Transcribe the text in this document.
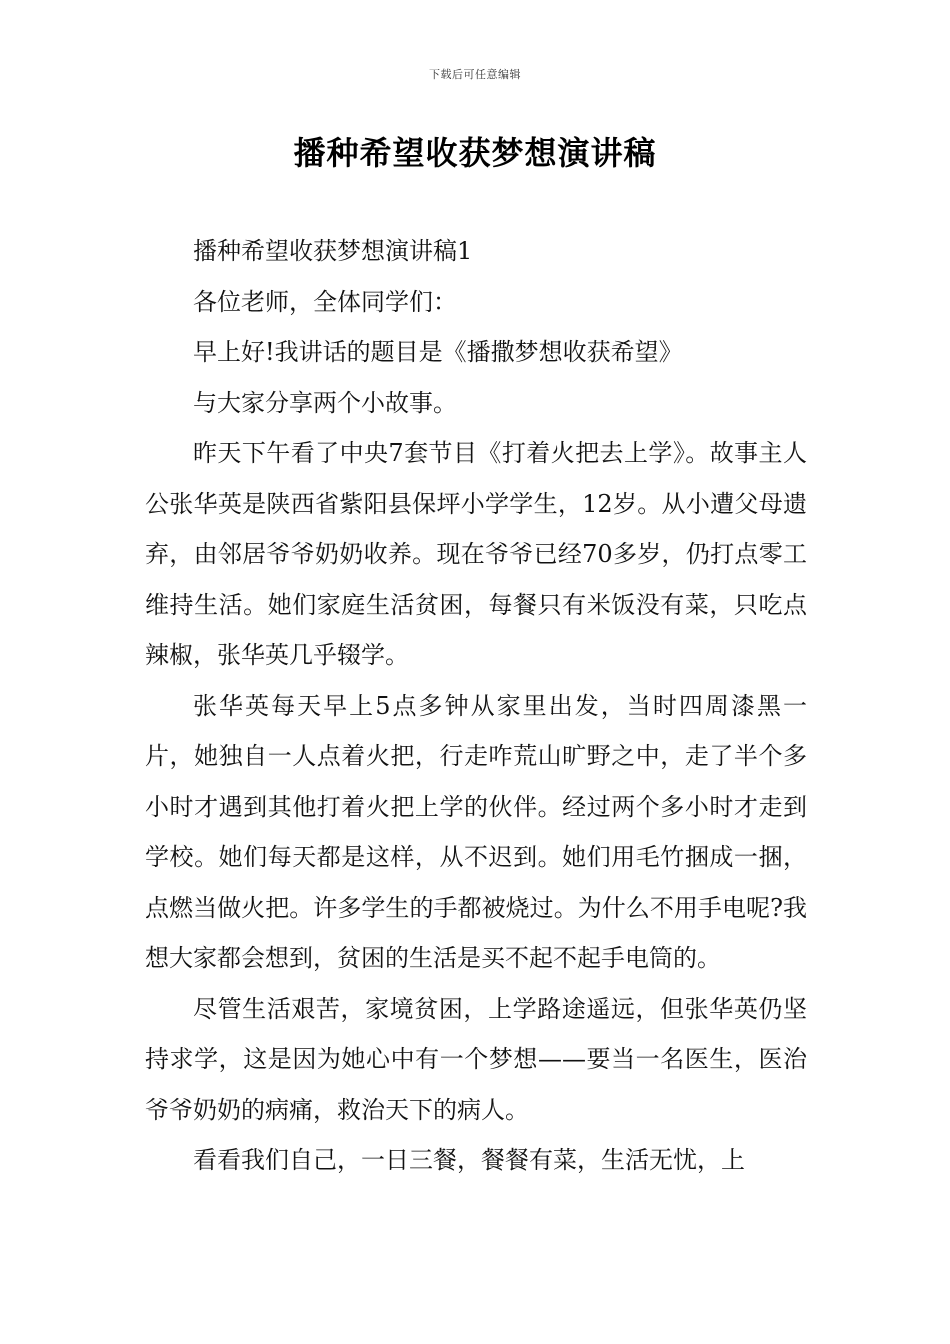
下载后可任意编辑
播种希望收获梦想演讲稿

播种希望收获梦想演讲稿1

各位老师，全体同学们：

早上好!我讲话的题目是《播撒梦想收获希望》

与大家分享两个小故事。

昨天下午看了中央7套节目《打着火把去上学》。故事主人公张华英是陕西省紫阳县保坪小学学生，12岁。从小遭父母遗弃，由邻居爷爷奶奶收养。现在爷爷已经70多岁，仍打点零工维持生活。她们家庭生活贫困，每餐只有米饭没有菜，只吃点辣椒，张华英几乎辍学。

张华英每天早上5点多钟从家里出发，当时四周漆黑一片，她独自一人点着火把，行走咋荒山旷野之中，走了半个多小时才遇到其他打着火把上学的伙伴。经过两个多小时才走到学校。她们每天都是这样，从不迟到。她们用毛竹捆成一捆，点燃当做火把。许多学生的手都被烧过。为什么不用手电呢?我想大家都会想到，贫困的生活是买不起不起手电筒的。

尽管生活艰苦，家境贫困，上学路途遥远，但张华英仍坚持求学，这是因为她心中有一个梦想——要当一名医生，医治爷爷奶奶的病痛，救治天下的病人。

看看我们自己，一日三餐，餐餐有菜，生活无忧，上
